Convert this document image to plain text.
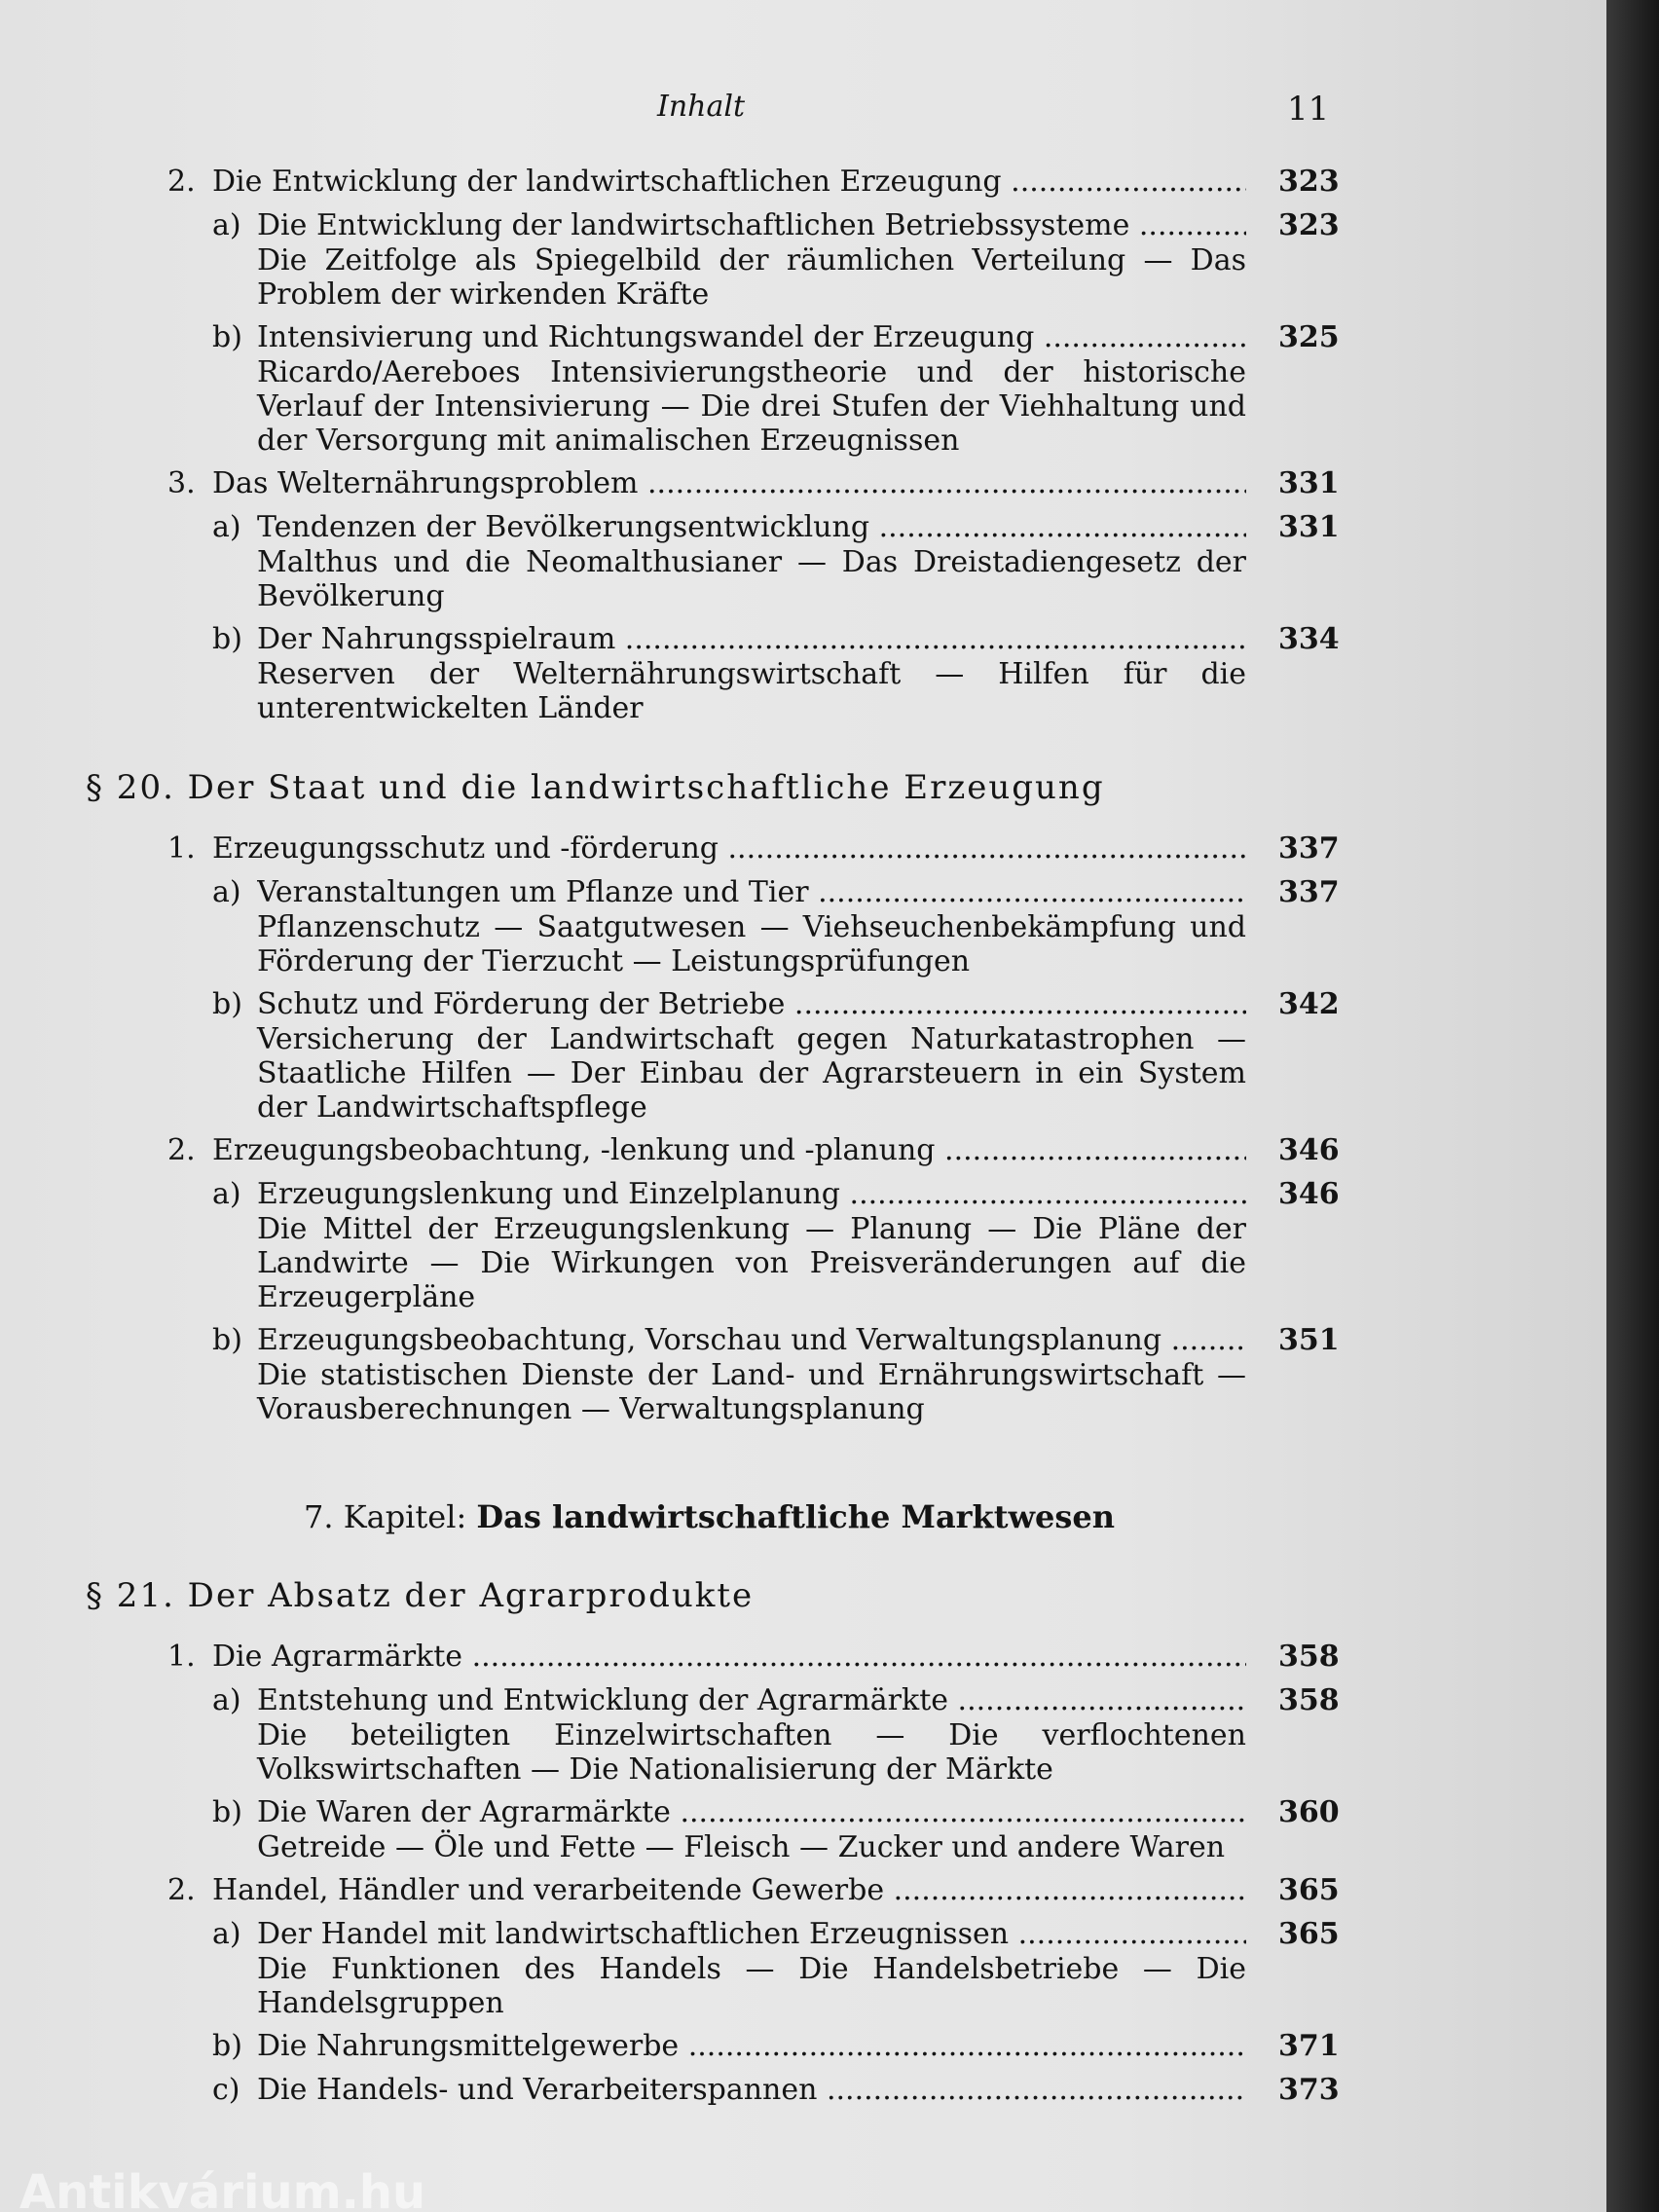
Inhalt	11
2. Die Entwicklung der landwirtschaftlichen Erzeugung .....	323
a) Die Entwicklung der landwirtschaftlichen Betriebssysteme .....	323
Die Zeitfolge als Spiegelbild der räumlichen Verteilung — Das Problem der wirkenden Kräfte
b) Intensivierung und Richtungswandel der Erzeugung .....	325
Ricardo/Aereboes Intensivierungstheorie und der historische Verlauf der Intensivierung — Die drei Stufen der Viehhaltung und der Versorgung mit animalischen Erzeugnissen
3. Das Welternährungsproblem .....	331
a) Tendenzen der Bevölkerungsentwicklung .....	331
Malthus und die Neomalthusianer — Das Dreistadiengesetz der Bevölkerung
b) Der Nahrungsspielraum .....	334
Reserven der Welternährungswirtschaft — Hilfen für die unterentwickelten Länder
§ 20. Der Staat und die landwirtschaftliche Erzeugung
1. Erzeugungsschutz und -förderung .....	337
a) Veranstaltungen um Pflanze und Tier .....	337
Pflanzenschutz — Saatgutwesen — Viehseuchenbekämpfung und Förderung der Tierzucht — Leistungsprüfungen
b) Schutz und Förderung der Betriebe .....	342
Versicherung der Landwirtschaft gegen Naturkatastrophen — Staatliche Hilfen — Der Einbau der Agrarsteuern in ein System der Landwirtschaftspflege
2. Erzeugungsbeobachtung, -lenkung und -planung .....	346
a) Erzeugungslenkung und Einzelplanung .....	346
Die Mittel der Erzeugungslenkung — Planung — Die Pläne der Landwirte — Die Wirkungen von Preisveränderungen auf die Erzeugerpläne
b) Erzeugungsbeobachtung, Vorschau und Verwaltungsplanung .....	351
Die statistischen Dienste der Land- und Ernährungswirtschaft — Vorausberechnungen — Verwaltungsplanung
7. Kapitel: Das landwirtschaftliche Marktwesen
§ 21. Der Absatz der Agrarprodukte
1. Die Agrarmärkte .....	358
a) Entstehung und Entwicklung der Agrarmärkte .....	358
Die beteiligten Einzelwirtschaften — Die verflochtenen Volkswirtschaften — Die Nationalisierung der Märkte
b) Die Waren der Agrarmärkte .....	360
Getreide — Öle und Fette — Fleisch — Zucker und andere Waren
2. Handel, Händler und verarbeitende Gewerbe .....	365
a) Der Handel mit landwirtschaftlichen Erzeugnissen .....	365
Die Funktionen des Handels — Die Handelsbetriebe — Die Handelsgruppen
b) Die Nahrungsmittelgewerbe .....	371
c) Die Handels- und Verarbeiterspannen .....	373
Antikvárium.hu
